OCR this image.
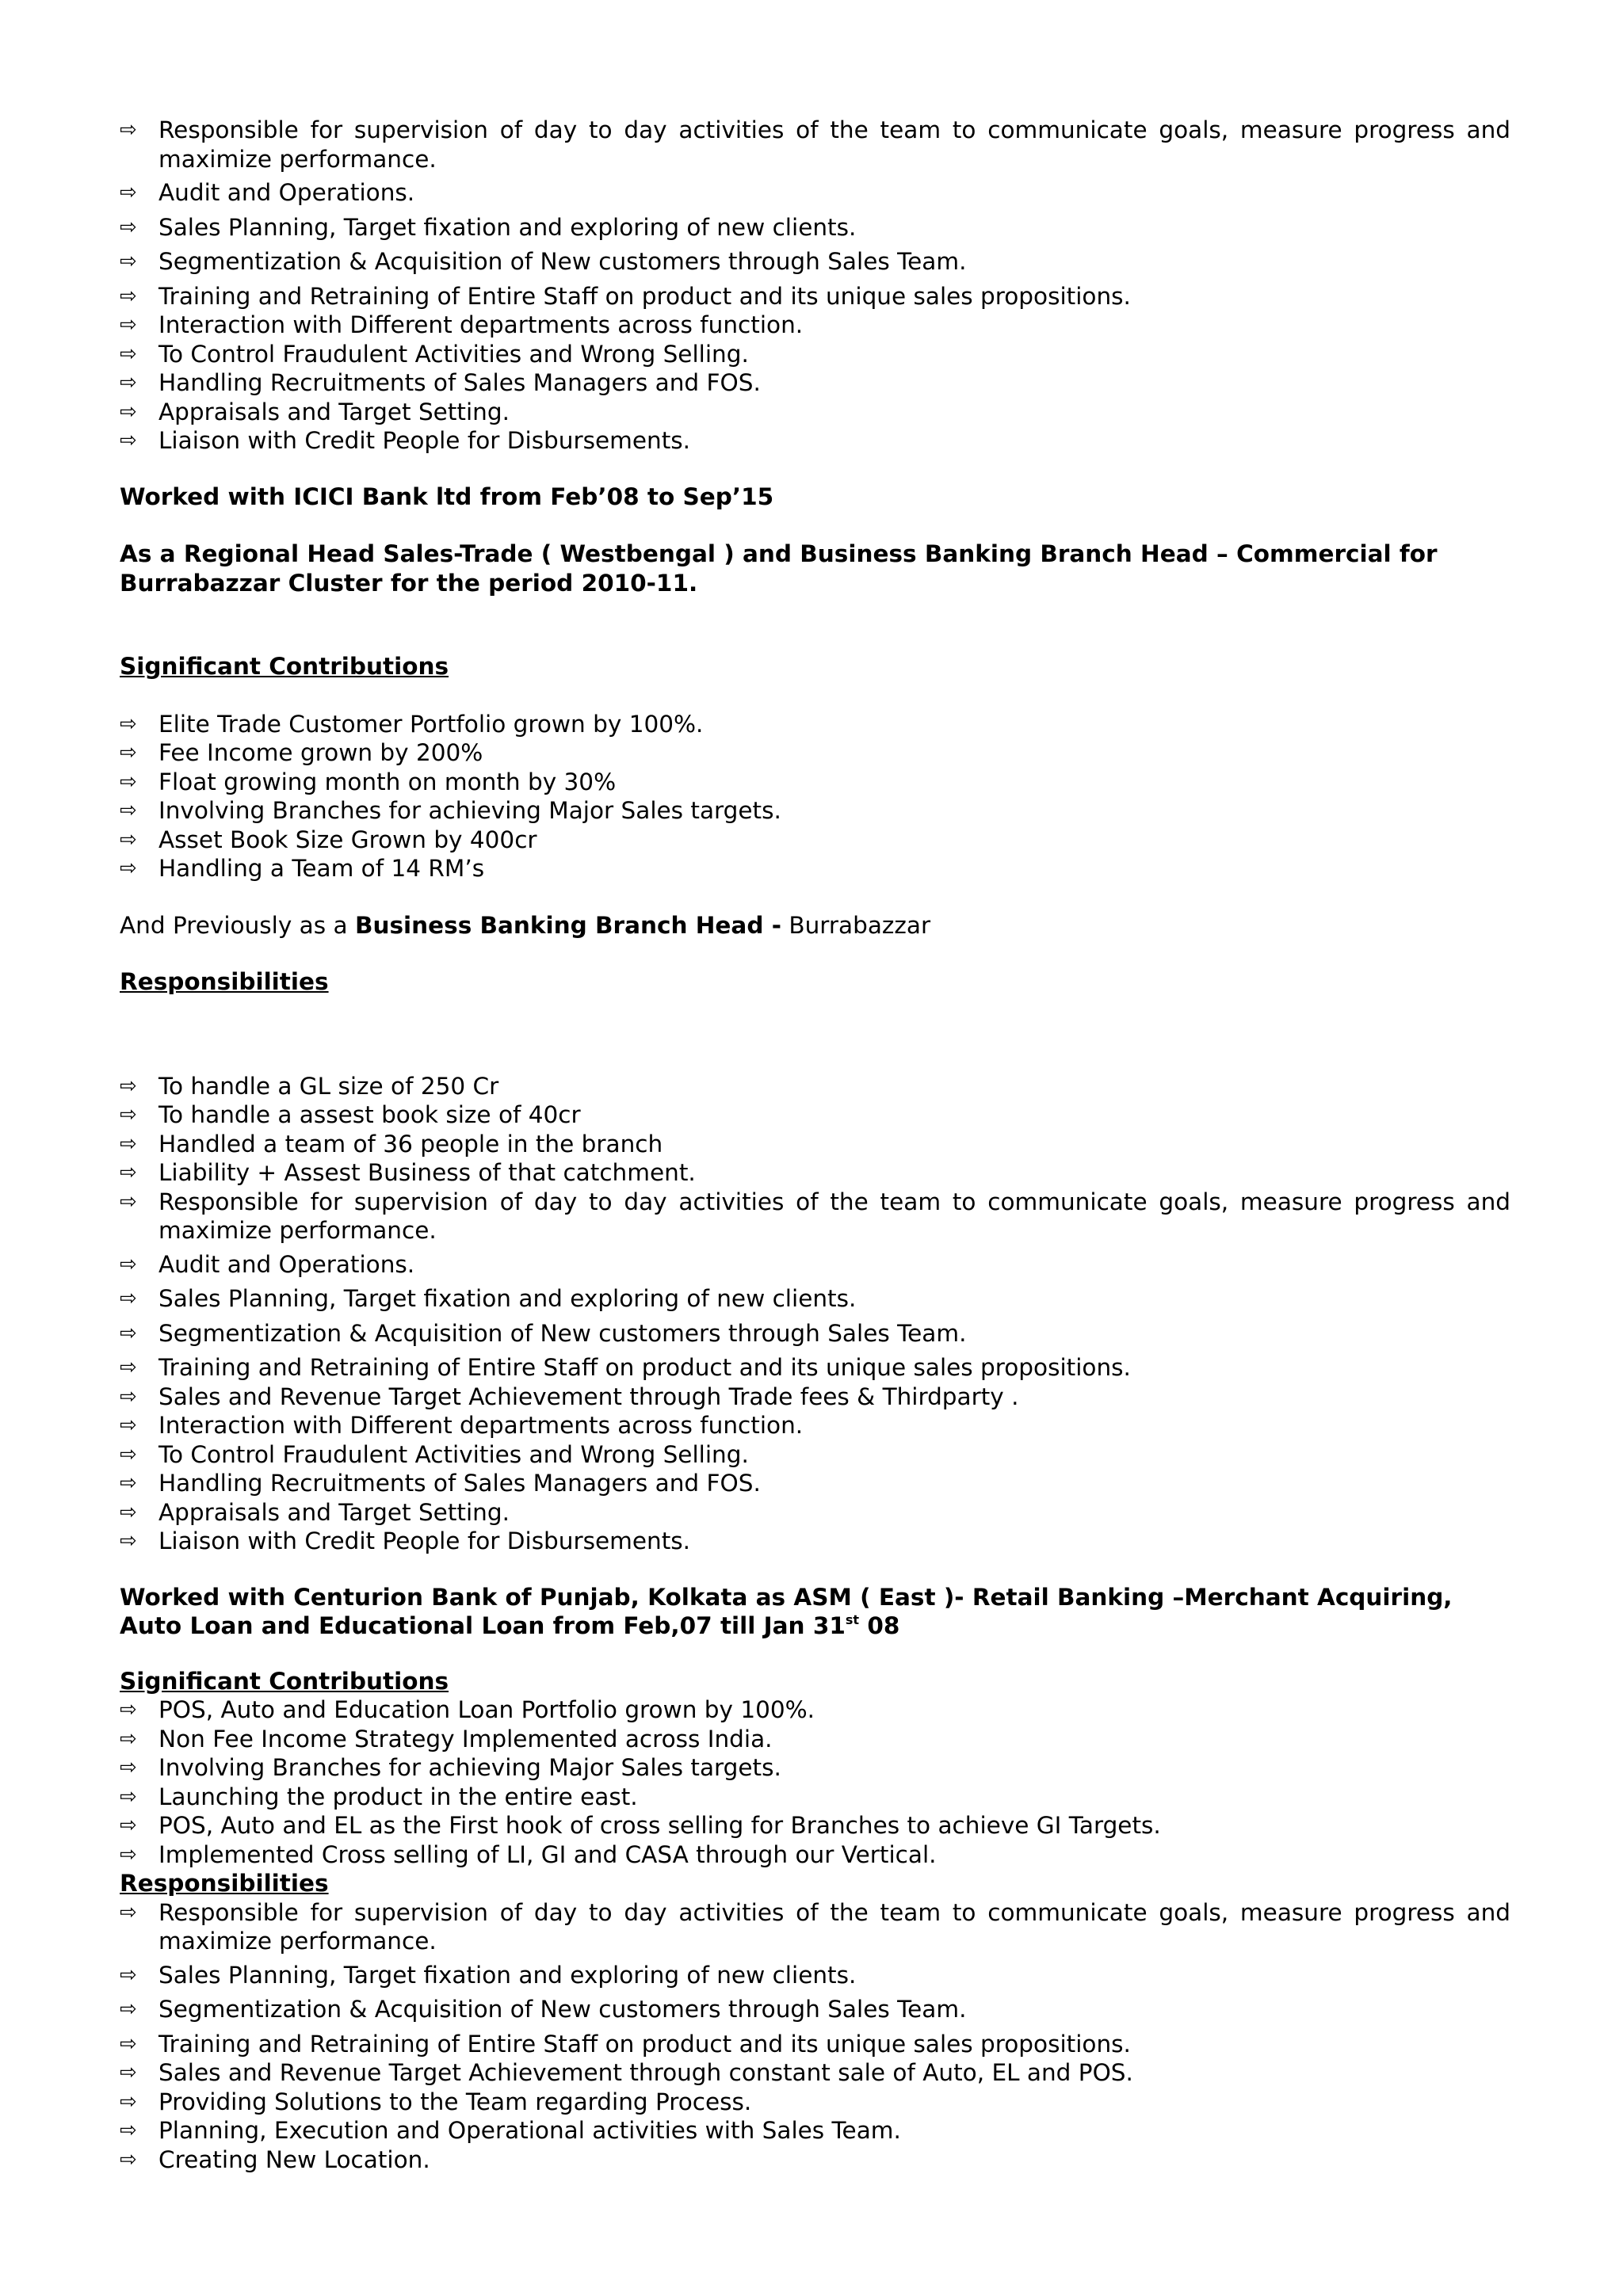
⇨ Responsible for supervision of day to day activities of the team to communicate goals, measure progress and maximize performance.
⇨ Audit and Operations.
⇨ Sales Planning, Target fixation and exploring of new clients.
⇨ Segmentization & Acquisition of New customers through Sales Team.
⇨ Training and Retraining of Entire Staff on product and its unique sales propositions.
⇨ Interaction with Different departments across function.
⇨ To Control Fraudulent Activities and Wrong Selling.
⇨ Handling Recruitments of Sales Managers and FOS.
⇨ Appraisals and Target Setting.
⇨ Liaison with Credit People for Disbursements.

Worked with ICICI Bank ltd from Feb’08 to Sep’15

As a Regional Head Sales-Trade ( Westbengal ) and Business Banking Branch Head – Commercial for Burrabazzar Cluster for the period 2010-11.

Significant Contributions

⇨ Elite Trade Customer Portfolio grown by 100%.
⇨ Fee Income grown by 200%
⇨ Float growing month on month by 30%
⇨ Involving Branches for achieving Major Sales targets.
⇨ Asset Book Size Grown by 400cr
⇨ Handling a Team of 14 RM’s

And Previously as a Business Banking Branch Head - Burrabazzar

Responsibilities

⇨ To handle a GL size of 250 Cr
⇨ To handle a assest book size of 40cr
⇨ Handled a team of 36 people in the branch
⇨ Liability + Assest Business of that catchment.
⇨ Responsible for supervision of day to day activities of the team to communicate goals, measure progress and maximize performance.
⇨ Audit and Operations.
⇨ Sales Planning, Target fixation and exploring of new clients.
⇨ Segmentization & Acquisition of New customers through Sales Team.
⇨ Training and Retraining of Entire Staff on product and its unique sales propositions.
⇨ Sales and Revenue Target Achievement through Trade fees & Thirdparty .
⇨ Interaction with Different departments across function.
⇨ To Control Fraudulent Activities and Wrong Selling.
⇨ Handling Recruitments of Sales Managers and FOS.
⇨ Appraisals and Target Setting.
⇨ Liaison with Credit People for Disbursements.

Worked with Centurion Bank of Punjab, Kolkata as ASM ( East )- Retail Banking –Merchant Acquiring, Auto Loan and Educational Loan from Feb,07 till Jan 31st 08

Significant Contributions

⇨ POS, Auto and Education Loan Portfolio grown by 100%.
⇨ Non Fee Income Strategy Implemented across India.
⇨ Involving Branches for achieving Major Sales targets.
⇨ Launching the product in the entire east.
⇨ POS, Auto and EL as the First hook of cross selling for Branches to achieve GI Targets.
⇨ Implemented Cross selling of LI, GI and CASA through our Vertical.

Responsibilities

⇨ Responsible for supervision of day to day activities of the team to communicate goals, measure progress and maximize performance.
⇨ Sales Planning, Target fixation and exploring of new clients.
⇨ Segmentization & Acquisition of New customers through Sales Team.
⇨ Training and Retraining of Entire Staff on product and its unique sales propositions.
⇨ Sales and Revenue Target Achievement through constant sale of Auto, EL and POS.
⇨ Providing Solutions to the Team regarding Process.
⇨ Planning, Execution and Operational activities with Sales Team.
⇨ Creating New Location.
